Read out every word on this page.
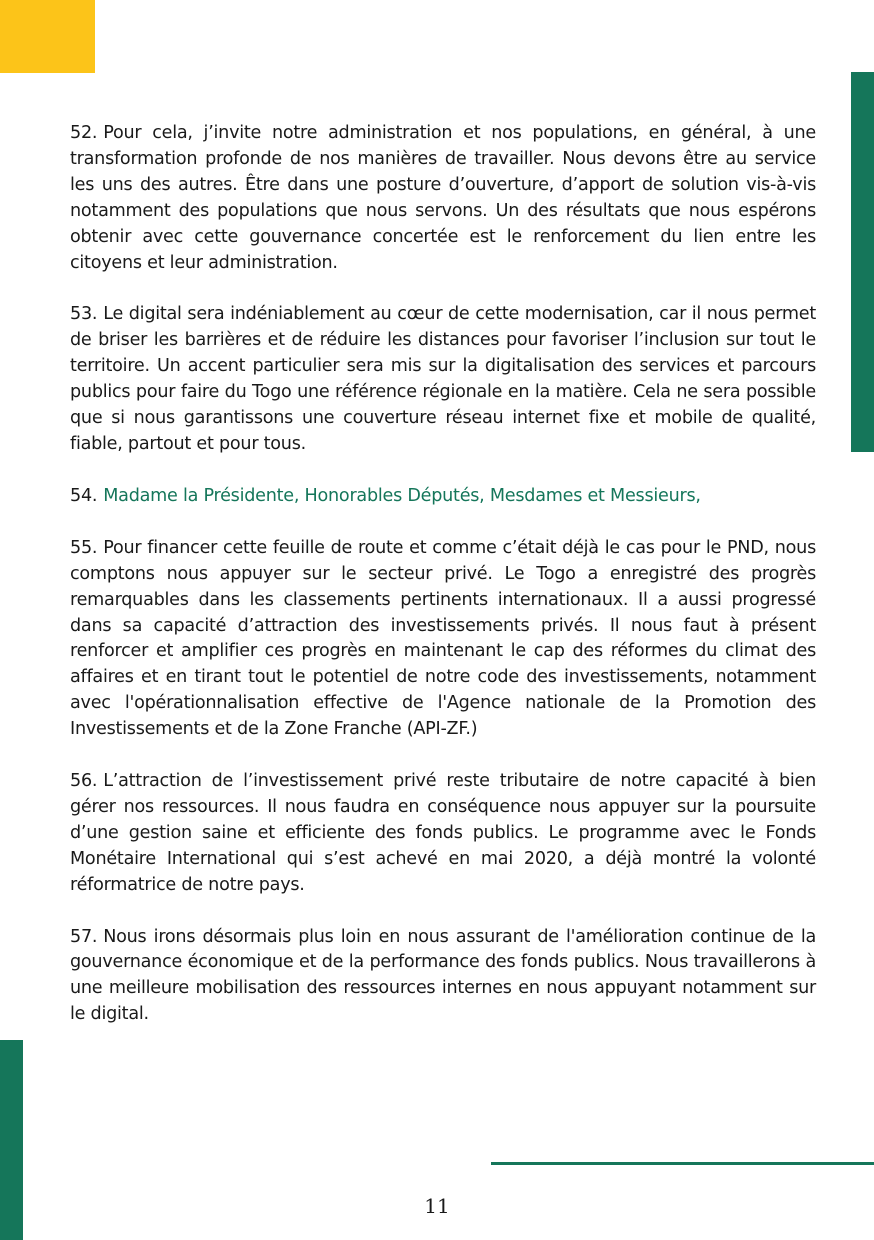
52. Pour cela, j’invite notre administration et nos populations, en général, à une transformation profonde de nos manières de travailler. Nous devons être au service les uns des autres. Être dans une posture d’ouverture, d’apport de solution vis-à-vis notamment des populations que nous servons. Un des résultats que nous espérons obtenir avec cette gouvernance concertée est le renforcement du lien entre les citoyens et leur administration.

53. Le digital sera indéniablement au cœur de cette modernisation, car il nous permet de briser les barrières et de réduire les distances pour favoriser l’inclusion sur tout le territoire. Un accent particulier sera mis sur la digitalisation des services et parcours publics pour faire du Togo une référence régionale en la matière. Cela ne sera possible que si nous garantissons une couverture réseau internet fixe et mobile de qualité, fiable, partout et pour tous.

54. Madame la Présidente, Honorables Députés, Mesdames et Messieurs,

55. Pour financer cette feuille de route et comme c’était déjà le cas pour le PND, nous comptons nous appuyer sur le secteur privé. Le Togo a enregistré des progrès remarquables dans les classements pertinents internationaux. Il a aussi progressé dans sa capacité d’attraction des investissements privés. Il nous faut à présent renforcer et amplifier ces progrès en maintenant le cap des réformes du climat des affaires et en tirant tout le potentiel de notre code des investissements, notamment avec l'opérationnalisation effective de l'Agence nationale de la Promotion des Investissements et de la Zone Franche (API-ZF.)

56. L’attraction de l’investissement privé reste tributaire de notre capacité à bien gérer nos ressources. Il nous faudra en conséquence nous appuyer sur la poursuite d’une gestion saine et efficiente des fonds publics. Le programme avec le Fonds Monétaire International qui s’est achevé en mai 2020, a déjà montré la volonté réformatrice de notre pays.

57. Nous irons désormais plus loin en nous assurant de l'amélioration continue de la gouvernance économique et de la performance des fonds publics. Nous travaillerons à une meilleure mobilisation des ressources internes en nous appuyant notamment sur le digital.

11
